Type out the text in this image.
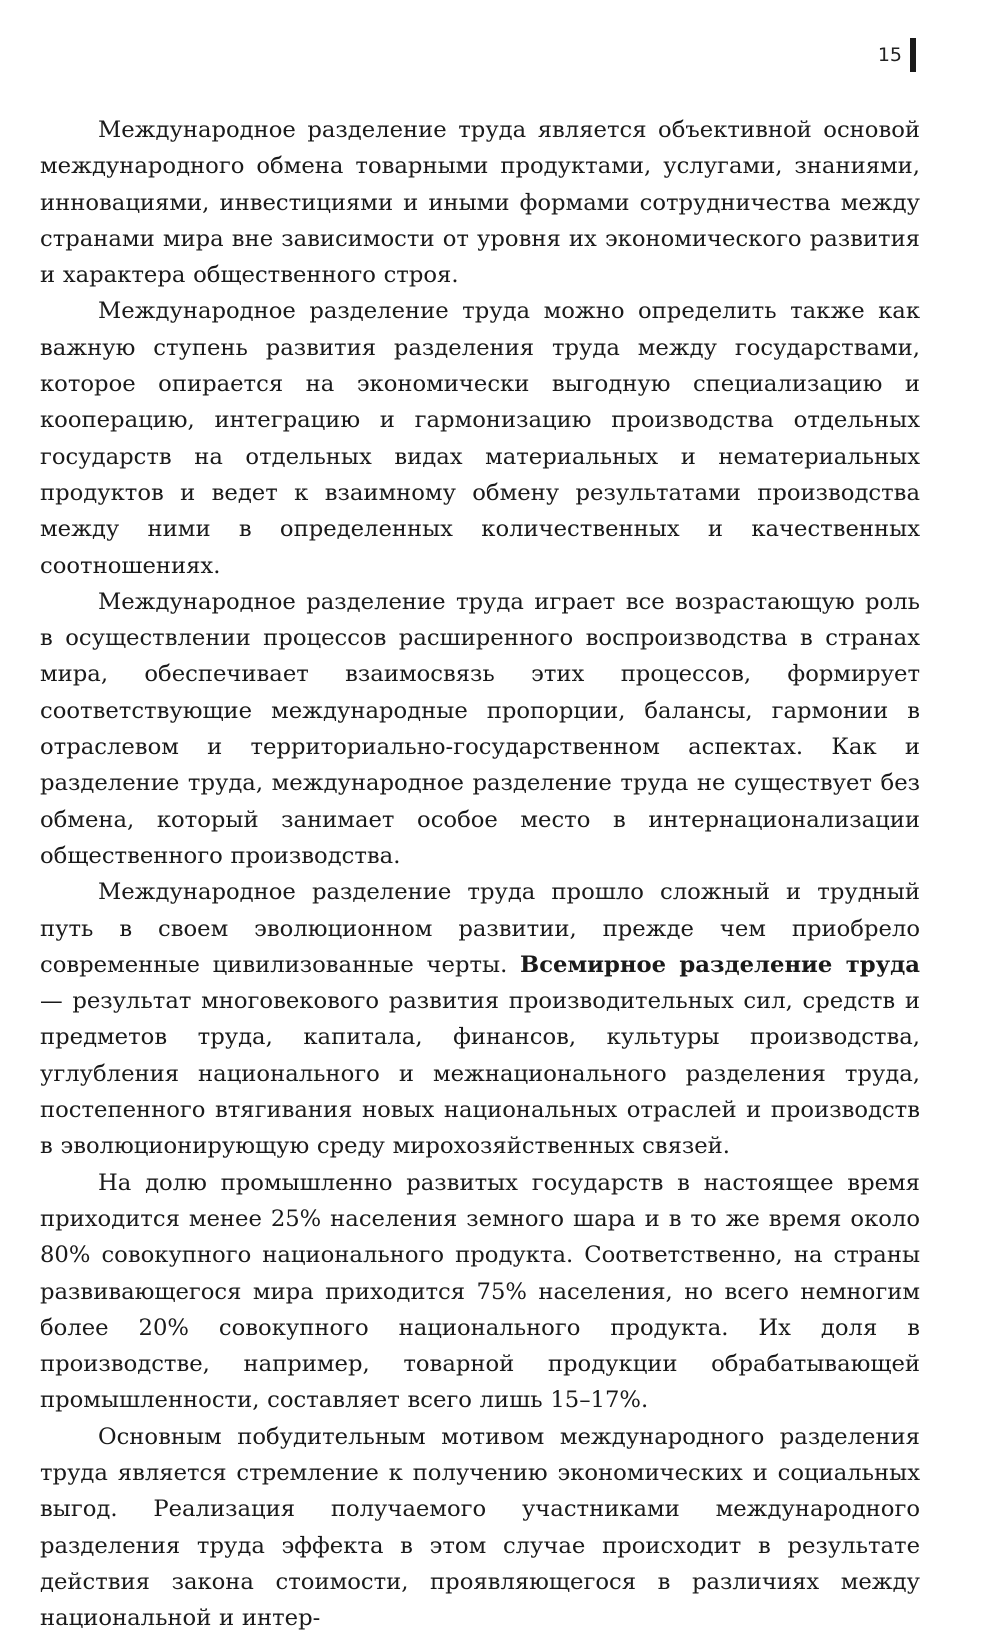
15

Международное разделение труда является объективной основой международного обмена товарными продуктами, услугами, знаниями, инновациями, инвестициями и иными формами сотрудничества между странами мира вне зависимости от уровня их экономического развития и характера общественного строя.

Международное разделение труда можно определить также как важную ступень развития разделения труда между государствами, которое опирается на экономически выгодную специализацию и кооперацию, интеграцию и гармонизацию производства отдельных государств на отдельных видах материальных и нематериальных продуктов и ведет к взаимному обмену результатами производства между ними в определенных количественных и качественных соотношениях.

Международное разделение труда играет все возрастающую роль в осуществлении процессов расширенного воспроизводства в странах мира, обеспечивает взаимосвязь этих процессов, формирует соответствующие международные пропорции, балансы, гармонии в отраслевом и территориально-государственном аспектах. Как и разделение труда, международное разделение труда не существует без обмена, который занимает особое место в интернационализации общественного производства.

Международное разделение труда прошло сложный и трудный путь в своем эволюционном развитии, прежде чем приобрело современные цивилизованные черты. Всемирное разделение труда — результат многовекового развития производительных сил, средств и предметов труда, капитала, финансов, культуры производства, углубления национального и межнационального разделения труда, постепенного втягивания новых национальных отраслей и производств в эволюционирующую среду мирохозяйственных связей.

На долю промышленно развитых государств в настоящее время приходится менее 25% населения земного шара и в то же время около 80% совокупного национального продукта. Соответственно, на страны развивающегося мира приходится 75% населения, но всего немногим более 20% совокупного национального продукта. Их доля в производстве, например, товарной продукции обрабатывающей промышленности, составляет всего лишь 15–17%.

Основным побудительным мотивом международного разделения труда является стремление к получению экономических и социальных выгод. Реализация получаемого участниками международного разделения труда эффекта в этом случае происходит в результате действия закона стоимости, проявляющегося в различиях между национальной и интер-
